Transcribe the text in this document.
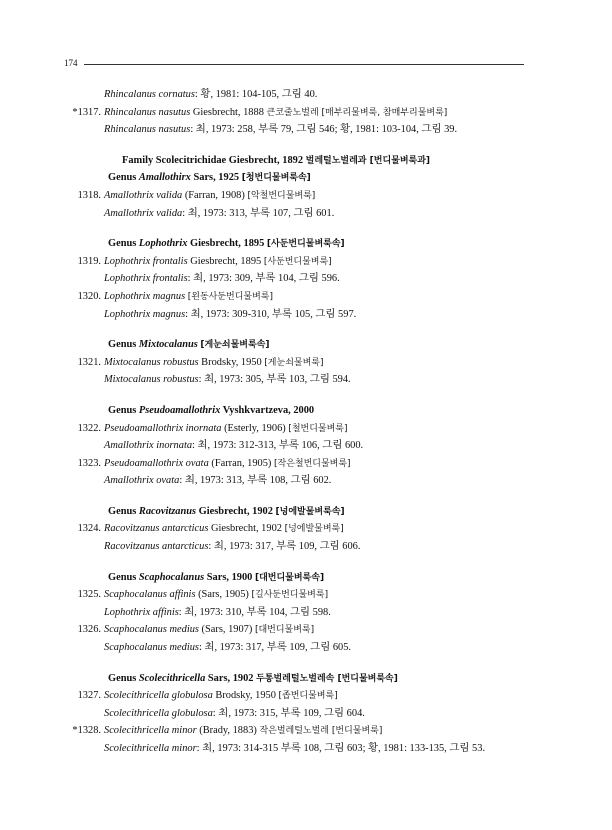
174
Rhincalanus cornatus: 황, 1981: 104-105, 그림 40.
*1317. Rhincalanus nasutus Giesbrecht, 1888 큰코줄노벌레 [매부리물벼룩, 참매부리물벼룩]
Rhincalanus nasutus: 최, 1973: 258, 부록 79, 그림 546; 황, 1981: 103-104, 그림 39.
Family Scolecitrichidae Giesbrecht, 1892 벌레털노벌레과 [번디물벼룩과]
Genus Amallothirx Sars, 1925 [청번디물벼룩속]
1318. Amallothrix valida (Farran, 1908) [악철번디물벼룩]
Amallothrix valida: 최, 1973: 313, 부록 107, 그림 601.
Genus Lophothrix Giesbrecht, 1895 [사둔번디물벼룩속]
1319. Lophothrix frontalis Giesbrecht, 1895 [사둔번디물벼룩]
Lophothrix frontalis: 최, 1973: 309, 부록 104, 그림 596.
1320. Lophothrix magnus [왼동사둔번디물벼룩]
Lophothrix magnus: 최, 1973: 309-310, 부록 105, 그림 597.
Genus Mixtocalanus [게눈쇠물벼룩속]
1321. Mixtocalanus robustus Brodsky, 1950 [게눈쇠물벼룩]
Mixtocalanus robustus: 최, 1973: 305, 부록 103, 그림 594.
Genus Pseudoamallothrix Vyshkvartzeva, 2000
1322. Pseudoamallothrix inornata (Esterly, 1906) [철번디물벼룩]
Amallothrix inornata: 최, 1973: 312-313, 부록 106, 그림 600.
1323. Pseudoamallothrix ovata (Farran, 1905) [작은철번디물벼룩]
Amallothrix ovata: 최, 1973: 313, 부록 108, 그림 602.
Genus Racovitzanus Giesbrecht, 1902 [넝에발물벼룩속]
1324. Racovitzanus antarcticus Giesbrecht, 1902 [넝에발물벼룩]
Racovitzanus antarcticus: 최, 1973: 317, 부록 109, 그림 606.
Genus Scaphocalanus Sars, 1900 [대번디물벼룩속]
1325. Scaphocalanus affinis (Sars, 1905) [길사둔번디물벼룩]
Lophothrix affinis: 최, 1973: 310, 부록 104, 그림 598.
1326. Scaphocalanus medius (Sars, 1907) [대번디물벼룩]
Scaphocalanus medius: 최, 1973: 317, 부록 109, 그림 605.
Genus Scolecithricella Sars, 1902 두통벌레털노벌레속 [번디물벼룩속]
1327. Scolecithricella globulosa Brodsky, 1950 [좁번디물벼룩]
Scolecithricella globulosa: 최, 1973: 315, 부록 109, 그림 604.
*1328. Scolecithricella minor (Brady, 1883) 작은벌레털노벌레 [번디물벼룩]
Scolecithricella minor: 최, 1973: 314-315 부록 108, 그림 603; 황, 1981: 133-135, 그림 53.
